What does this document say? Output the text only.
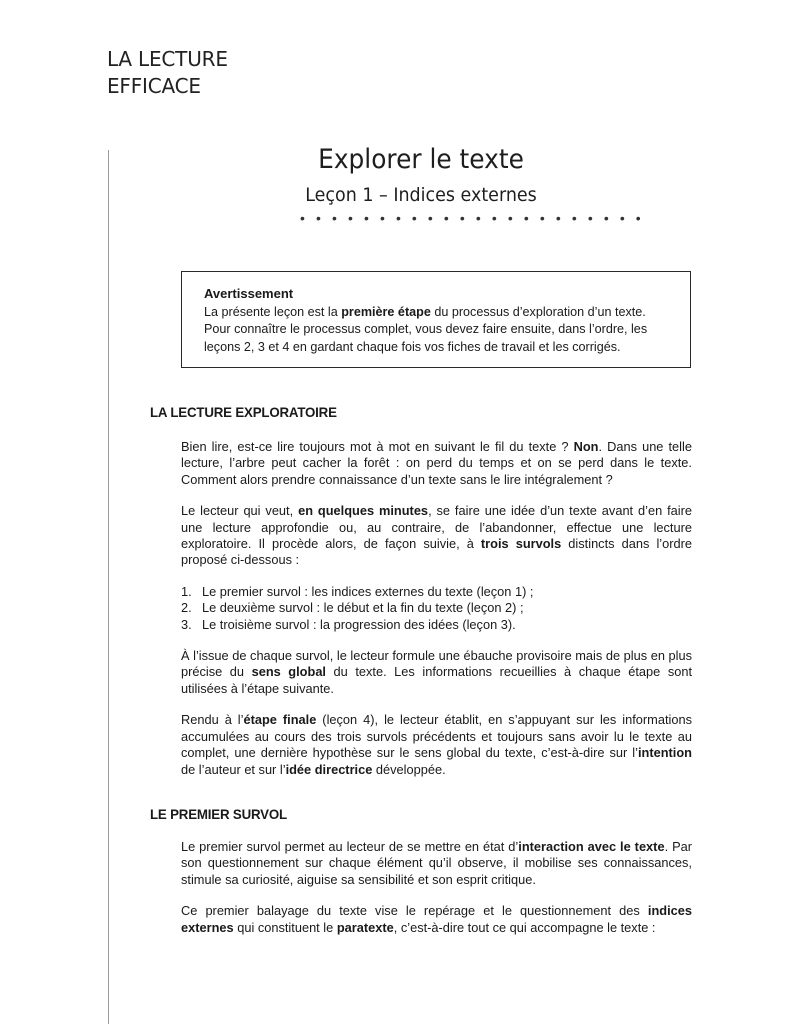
LA LECTURE
EFFICACE
Explorer le texte
Leçon 1 – Indices externes
• • • • • • • • • • • • • • • • • • • • • •
Avertissement
La présente leçon est la première étape du processus d’exploration d’un texte. Pour connaître le processus complet, vous devez faire ensuite, dans l’ordre, les leçons 2, 3 et 4 en gardant chaque fois vos fiches de travail et les corrigés.
LA LECTURE EXPLORATOIRE

Bien lire, est-ce lire toujours mot à mot en suivant le fil du texte ? Non. Dans une telle lecture, l’arbre peut cacher la forêt : on perd du temps et on se perd dans le texte. Comment alors prendre connaissance d’un texte sans le lire intégralement ?

Le lecteur qui veut, en quelques minutes, se faire une idée d’un texte avant d’en faire une lecture approfondie ou, au contraire, de l’abandonner, effectue une lecture exploratoire. Il procède alors, de façon suivie, à trois survols distincts dans l’ordre proposé ci-dessous :

1. Le premier survol : les indices externes du texte (leçon 1) ;
2. Le deuxième survol : le début et la fin du texte (leçon 2) ;
3. Le troisième survol : la progression des idées (leçon 3).

À l’issue de chaque survol, le lecteur formule une ébauche provisoire mais de plus en plus précise du sens global du texte. Les informations recueillies à chaque étape sont utilisées à l’étape suivante.

Rendu à l’étape finale (leçon 4), le lecteur établit, en s’appuyant sur les informations accumulées au cours des trois survols précédents et toujours sans avoir lu le texte au complet, une dernière hypothèse sur le sens global du texte, c’est-à-dire sur l’intention de l’auteur et sur l’idée directrice développée.

LE PREMIER SURVOL

Le premier survol permet au lecteur de se mettre en état d’interaction avec le texte. Par son questionnement sur chaque élément qu’il observe, il mobilise ses connaissances, stimule sa curiosité, aiguise sa sensibilité et son esprit critique.

Ce premier balayage du texte vise le repérage et le questionnement des indices externes qui constituent le paratexte, c’est-à-dire tout ce qui accompagne le texte :
